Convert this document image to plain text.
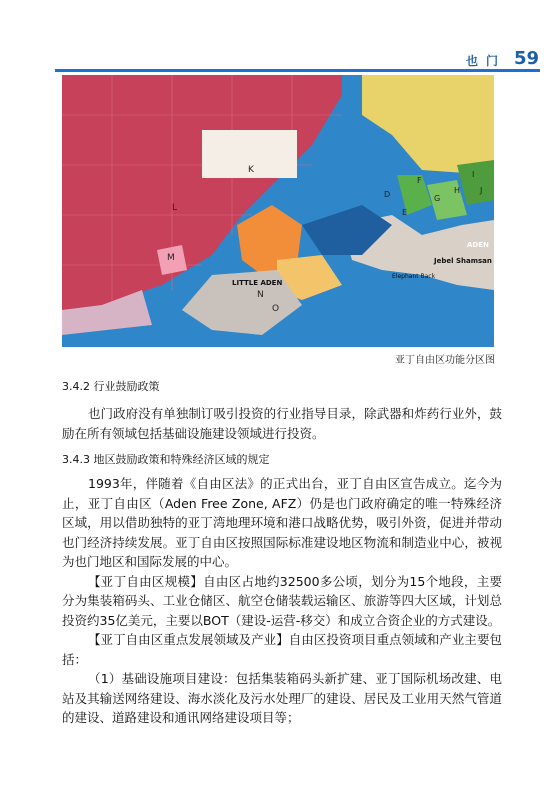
也门 59
K
L
M
N
O
D
E
F
G
H
I
J
LITTLE ADEN
ADEN
Jebel Shamsan
Elephant Back
亚丁自由区功能分区图
3.4.2 行业鼓励政策

也门政府没有单独制订吸引投资的行业指导目录，除武器和炸药行业外，鼓励在所有领域包括基础设施建设领域进行投资。

3.4.3 地区鼓励政策和特殊经济区域的规定

1993年，伴随着《自由区法》的正式出台，亚丁自由区宣告成立。迄今为止，亚丁自由区（Aden Free Zone, AFZ）仍是也门政府确定的唯一特殊经济区域，用以借助独特的亚丁湾地理环境和港口战略优势，吸引外资，促进并带动也门经济持续发展。亚丁自由区按照国际标准建设地区物流和制造业中心，被视为也门地区和国际发展的中心。

【亚丁自由区规模】自由区占地约32500多公顷，划分为15个地段，主要分为集装箱码头、工业仓储区、航空仓储装载运输区、旅游等四大区域，计划总投资约35亿美元，主要以BOT（建设-运营-移交）和成立合资企业的方式建设。

【亚丁自由区重点发展领域及产业】自由区投资项目重点领域和产业主要包括：

（1）基础设施项目建设：包括集装箱码头新扩建、亚丁国际机场改建、电站及其输送网络建设、海水淡化及污水处理厂的建设、居民及工业用天然气管道的建设、道路建设和通讯网络建设项目等；
